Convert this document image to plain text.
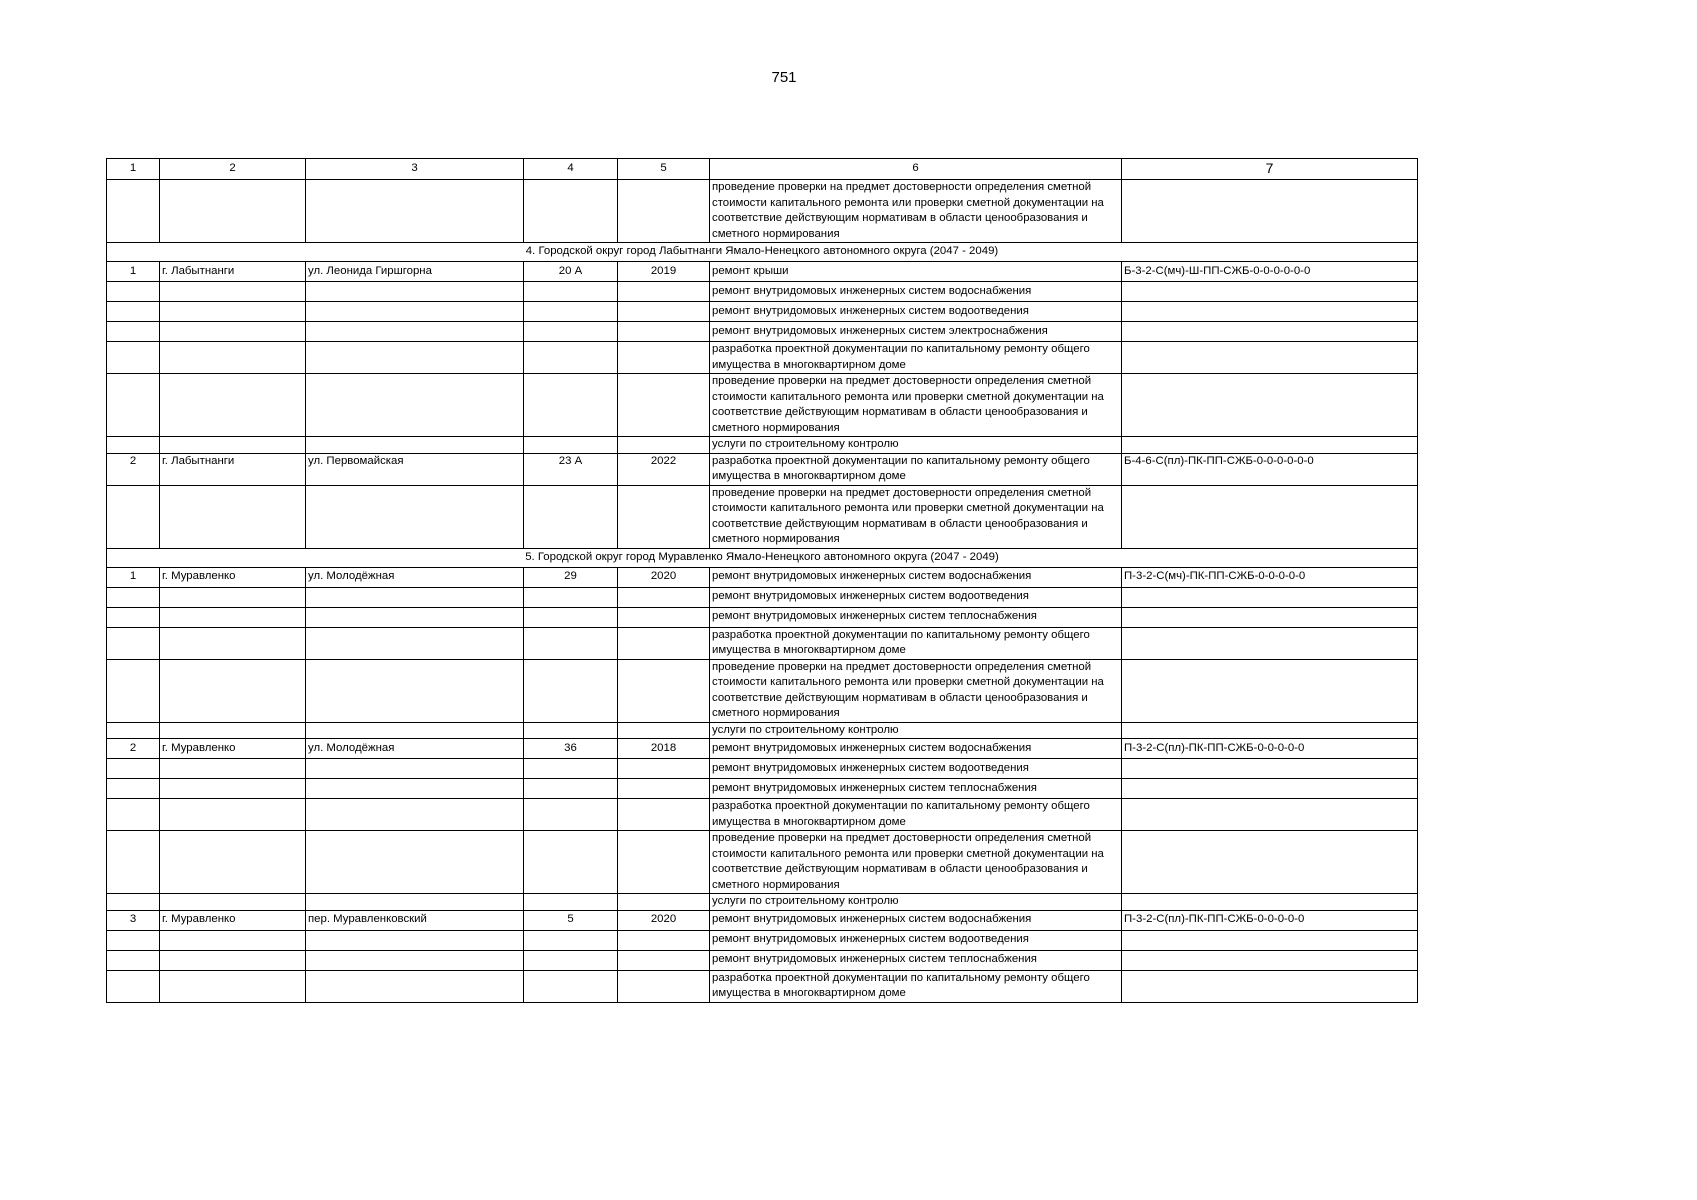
751
1	2	3	4	5	6	7
					проведение проверки на предмет достоверности определения сметной стоимости капитального ремонта или проверки сметной документации на соответствие действующим нормативам в области ценообразования и сметного нормирования	
4. Городской округ город Лабытнанги Ямало-Ненецкого автономного округа (2047 - 2049)						
1	г. Лабытнанги	ул. Леонида Гиршгорна	20 А	2019	ремонт крыши	Б-3-2-С(мч)-Ш-ПП-СЖБ-0-0-0-0-0-0
					ремонт внутридомовых инженерных систем водоснабжения	
					ремонт внутридомовых инженерных систем водоотведения	
					ремонт внутридомовых инженерных систем электроснабжения	
					разработка проектной документации по капитальному ремонту общего имущества в многоквартирном доме	
					проведение проверки на предмет достоверности определения сметной стоимости капитального ремонта или проверки сметной документации на соответствие действующим нормативам в области ценообразования и сметного нормирования	
					услуги по строительному контролю	
2	г. Лабытнанги	ул. Первомайская	23 А	2022	разработка проектной документации по капитальному ремонту общего имущества в многоквартирном доме	Б-4-6-С(пл)-ПК-ПП-СЖБ-0-0-0-0-0-0
					проведение проверки на предмет достоверности определения сметной стоимости капитального ремонта или проверки сметной документации на соответствие действующим нормативам в области ценообразования и сметного нормирования	
5. Городской округ город Муравленко Ямало-Ненецкого автономного округа (2047 - 2049)						
1	г. Муравленко	ул. Молодёжная	29	2020	ремонт внутридомовых инженерных систем водоснабжения	П-3-2-С(мч)-ПК-ПП-СЖБ-0-0-0-0-0
					ремонт внутридомовых инженерных систем водоотведения	
					ремонт внутридомовых инженерных систем теплоснабжения	
					разработка проектной документации по капитальному ремонту общего имущества в многоквартирном доме	
					проведение проверки на предмет достоверности определения сметной стоимости капитального ремонта или проверки сметной документации на соответствие действующим нормативам в области ценообразования и сметного нормирования	
					услуги по строительному контролю	
2	г. Муравленко	ул. Молодёжная	36	2018	ремонт внутридомовых инженерных систем водоснабжения	П-3-2-С(пл)-ПК-ПП-СЖБ-0-0-0-0-0
					ремонт внутридомовых инженерных систем водоотведения	
					ремонт внутридомовых инженерных систем теплоснабжения	
					разработка проектной документации по капитальному ремонту общего имущества в многоквартирном доме	
					проведение проверки на предмет достоверности определения сметной стоимости капитального ремонта или проверки сметной документации на соответствие действующим нормативам в области ценообразования и сметного нормирования	
					услуги по строительному контролю	
3	г. Муравленко	пер. Муравленковский	5	2020	ремонт внутридомовых инженерных систем водоснабжения	П-3-2-С(пл)-ПК-ПП-СЖБ-0-0-0-0-0
					ремонт внутридомовых инженерных систем водоотведения	
					ремонт внутридомовых инженерных систем теплоснабжения	
					разработка проектной документации по капитальному ремонту общего имущества в многоквартирном доме	
